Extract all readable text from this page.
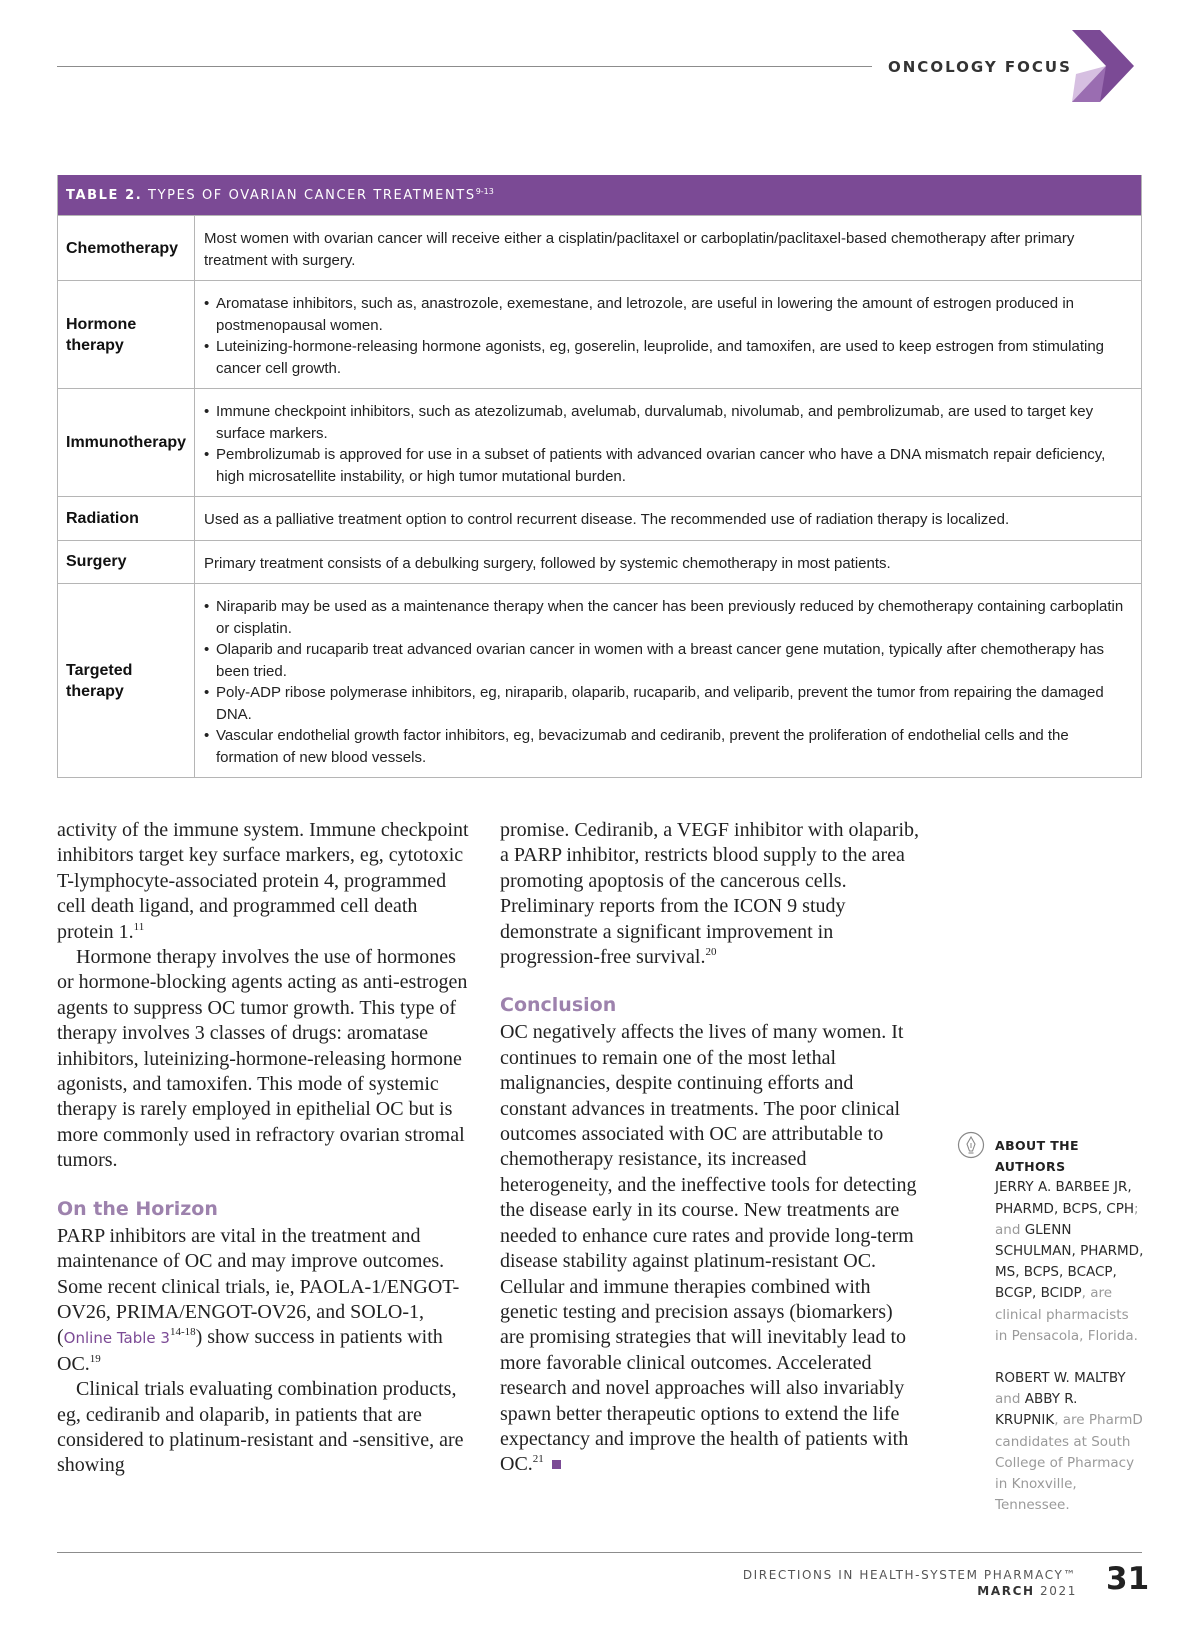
ONCOLOGY FOCUS
TABLE 2. TYPES OF OVARIAN CANCER TREATMENTS$^{9-13}$
Chemotherapy
Most women with ovarian cancer will receive either a cisplatin/paclitaxel or carboplatin/paclitaxel-based chemotherapy after primary treatment with surgery.
Hormone therapy
• Aromatase inhibitors, such as, anastrozole, exemestane, and letrozole, are useful in lowering the amount of estrogen produced in postmenopausal women.
• Luteinizing-hormone-releasing hormone agonists, eg, goserelin, leuprolide, and tamoxifen, are used to keep estrogen from stimulating cancer cell growth.
Immunotherapy
• Immune checkpoint inhibitors, such as atezolizumab, avelumab, durvalumab, nivolumab, and pembrolizumab, are used to target key surface markers.
• Pembrolizumab is approved for use in a subset of patients with advanced ovarian cancer who have a DNA mismatch repair deficiency, high microsatellite instability, or high tumor mutational burden.
Radiation	Used as a palliative treatment option to control recurrent disease. The recommended use of radiation therapy is localized.
Surgery	Primary treatment consists of a debulking surgery, followed by systemic chemotherapy in most patients.
Targeted therapy
• Niraparib may be used as a maintenance therapy when the cancer has been previously reduced by chemotherapy containing carboplatin or cisplatin.
• Olaparib and rucaparib treat advanced ovarian cancer in women with a breast cancer gene mutation, typically after chemotherapy has been tried.
• Poly-ADP ribose polymerase inhibitors, eg, niraparib, olaparib, rucaparib, and veliparib, prevent the tumor from repairing the damaged DNA.
• Vascular endothelial growth factor inhibitors, eg, bevacizumab and cediranib, prevent the proliferation of endothelial cells and the formation of new blood vessels.

activity of the immune system. Immune checkpoint inhibitors target key surface markers, eg, cytotoxic T-lymphocyte-associated protein 4, programmed cell death ligand, and programmed cell death protein 1.11

Hormone therapy involves the use of hormones or hormone-blocking agents acting as anti-estrogen agents to suppress OC tumor growth. This type of therapy involves 3 classes of drugs: aromatase inhibitors, luteinizing-hormone-releasing hormone agonists, and tamoxifen. This mode of systemic therapy is rarely employed in epithelial OC but is more commonly used in refractory ovarian stromal tumors.

On the Horizon

PARP inhibitors are vital in the treatment and maintenance of OC and may improve outcomes. Some recent clinical trials, ie, PAOLA-1/ENGOT-OV26, PRIMA/ENGOT-OV26, and SOLO-1, (Online Table 3$^{14-18}$) show success in patients with OC.$^{19}$

Clinical trials evaluating combination products, eg, cediranib and olaparib, in patients that are considered to platinum-resistant and -sensitive, are showing

promise. Cediranib, a VEGF inhibitor with olaparib, a PARP inhibitor, restricts blood supply to the area promoting apoptosis of the cancerous cells. Preliminary reports from the ICON 9 study demonstrate a significant improvement in progression-free survival.$^{20}$

Conclusion

OC negatively affects the lives of many women. It continues to remain one of the most lethal malignancies, despite continuing efforts and constant advances in treatments. The poor clinical outcomes associated with OC are attributable to chemotherapy resistance, its increased heterogeneity, and the ineffective tools for detecting the disease early in its course. New treatments are needed to enhance cure rates and provide long-term disease stability against platinum-resistant OC. Cellular and immune therapies combined with genetic testing and precision assays (biomarkers) are promising strategies that will inevitably lead to more favorable clinical outcomes. Accelerated research and novel approaches will also invariably spawn better therapeutic options to extend the life expectancy and improve the health of patients with OC.$^{21}$

ABOUT THE AUTHORS
JERRY A. BARBEE JR, PHARMD, BCPS, CPH; and GLENN SCHULMAN, PHARMD, MS, BCPS, BCACP, BCGP, BCIDP, are clinical pharmacists in Pensacola, Florida.
ROBERT W. MALTBY and ABBY R. KRUPNIK, are PharmD candidates at South College of Pharmacy in Knoxville, Tennessee.
DIRECTIONS IN HEALTH-SYSTEM PHARMACY™
MARCH 2021 31
